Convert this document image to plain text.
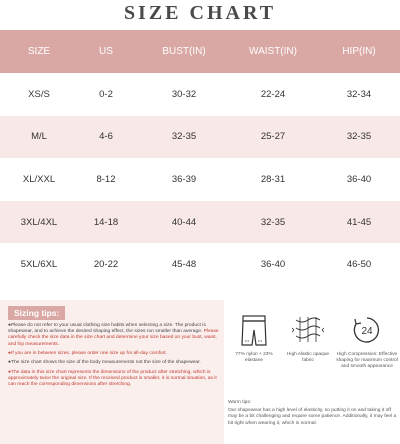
SIZE CHART
SIZE	US	BUST(IN)	WAIST(IN)	HIP(IN)
XS/S	0-2	30-32	22-24	32-34
M/L	4-6	32-35	25-27	32-35
XL/XXL	8-12	36-39	28-31	36-40
3XL/4XL	14-18	40-44	32-35	41-45
5XL/6XL	20-22	45-48	36-40	46-50
Sizing tips:

●Please do not refer to your usual clothing size habits when selecting a size. The product is shapewear, and to achieve the desired shaping effect, the sizes run smaller than average. Please carefully check the size data in the size chart and determine your size based on your bust, waist, and hip measurements.

●If you are in between sizes, please order one size up for all-day comfort.

●The size chart shows the size of the body measurements not the size of the shapewear.

●The data in this size chart represents the dimensions of the product after stretching, which is approximately twice the original size. If the received product is smaller, it is normal situation, as it can reach the corresponding dimensions after stretching.

77% nylon + 23% elastane
High elastic opaque fabric
24
High Compression: Effective shaping for maximum control and smooth appearance
Warm tips:
Our shapewear has a high level of elasticity, so putting it on and taking it off may be a bit challenging and require some patience. Additionally, it may feel a bit tight when wearing it, which is normal.
